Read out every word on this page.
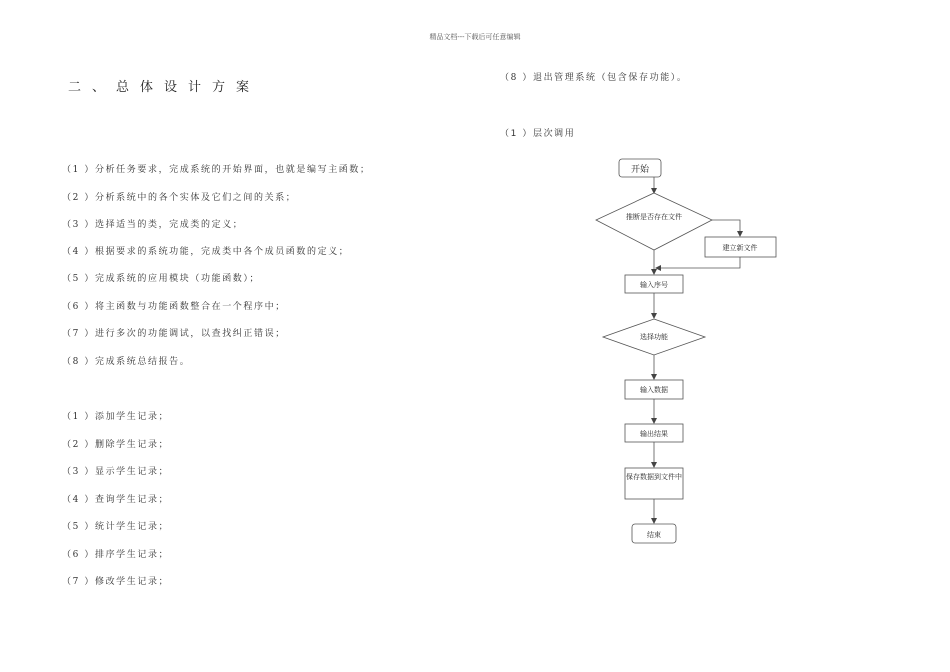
精品文档---下载后可任意编辑
二、总体设计方案
（1 ）分析任务要求，完成系统的开始界面，也就是编写主函数；
（2 ）分析系统中的各个实体及它们之间的关系；
（3 ）选择适当的类，完成类的定义；
（4 ）根据要求的系统功能，完成类中各个成员函数的定义；
（5 ）完成系统的应用模块（功能函数）；
（6 ）将主函数与功能函数整合在一个程序中；
（7 ）进行多次的功能调试，以查找纠正错误；
（8 ）完成系统总结报告。
（1 ）添加学生记录；
（2 ）删除学生记录；
（3 ）显示学生记录；
（4 ）查询学生记录；
（5 ）统计学生记录；
（6 ）排序学生记录；
（7 ）修改学生记录；
（8 ）退出管理系统（包含保存功能）。
（1 ）层次调用
开始
推断是否存在文件
建立新文件
输入序号
选择功能
输入数据
输出结果
保存数据到文件中
结束
